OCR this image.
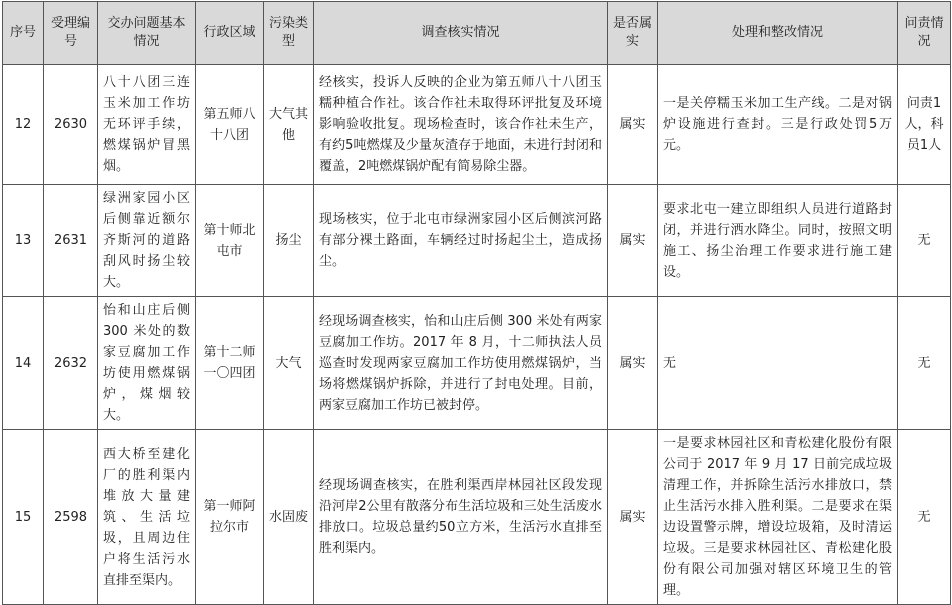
序号	受理编号	交办问题基本情况	行政区域	污染类型	调查核实情况	是否属实	处理和整改情况	问责情况
12	2630	八十八团三连玉米加工作坊无环评手续，燃煤锅炉冒黑烟。	第五师八十八团	大气其他	经核实，投诉人反映的企业为第五师八十八团玉糯种植合作社。该合作社未取得环评批复及环境影响验收批复。现场检查时，该合作社未生产，有约5吨燃煤及少量灰渣存于地面，未进行封闭和覆盖，2吨燃煤锅炉配有简易除尘器。	属实	一是关停糯玉米加工生产线。二是对锅炉设施进行查封。三是行政处罚5万元。	问责1人，科员1人
13	2631	绿洲家园小区后侧靠近额尔齐斯河的道路刮风时扬尘较大。	第十师北屯市	扬尘	现场核实，位于北屯市绿洲家园小区后侧滨河路有部分裸土路面，车辆经过时扬起尘土，造成扬尘。	属实	要求北屯一建立即组织人员进行道路封闭，并进行洒水降尘。同时，按照文明施工、扬尘治理工作要求进行施工建设。	无
14	2632	怡和山庄后侧 300 米处的数家豆腐加工作坊使用燃煤锅炉，煤烟较大。	第十二师一〇四团	大气	经现场调查核实，怡和山庄后侧 300 米处有两家豆腐加工作坊。2017 年 8 月，十二师执法人员巡查时发现两家豆腐加工作坊使用燃煤锅炉，当场将燃煤锅炉拆除，并进行了封电处理。目前，两家豆腐加工作坊已被封停。	属实	无	无
15	2598	西大桥至建化厂的胜利渠内堆放大量建筑、生活垃圾，且周边住户将生活污水直排至渠内。	第一师阿拉尔市	水固废	经现场调查核实，在胜利渠西岸林园社区段发现沿河岸2公里有散落分布生活垃圾和三处生活废水排放口。垃圾总量约50立方米，生活污水直排至胜利渠内。	属实	一是要求林园社区和青松建化股份有限公司于 2017 年 9 月 17 日前完成垃圾清理工作，并拆除生活污水排放口，禁止生活污水排入胜利渠。二是要求在渠边设置警示牌，增设垃圾箱，及时清运垃圾。三是要求林园社区、青松建化股份有限公司加强对辖区环境卫生的管理。	无
